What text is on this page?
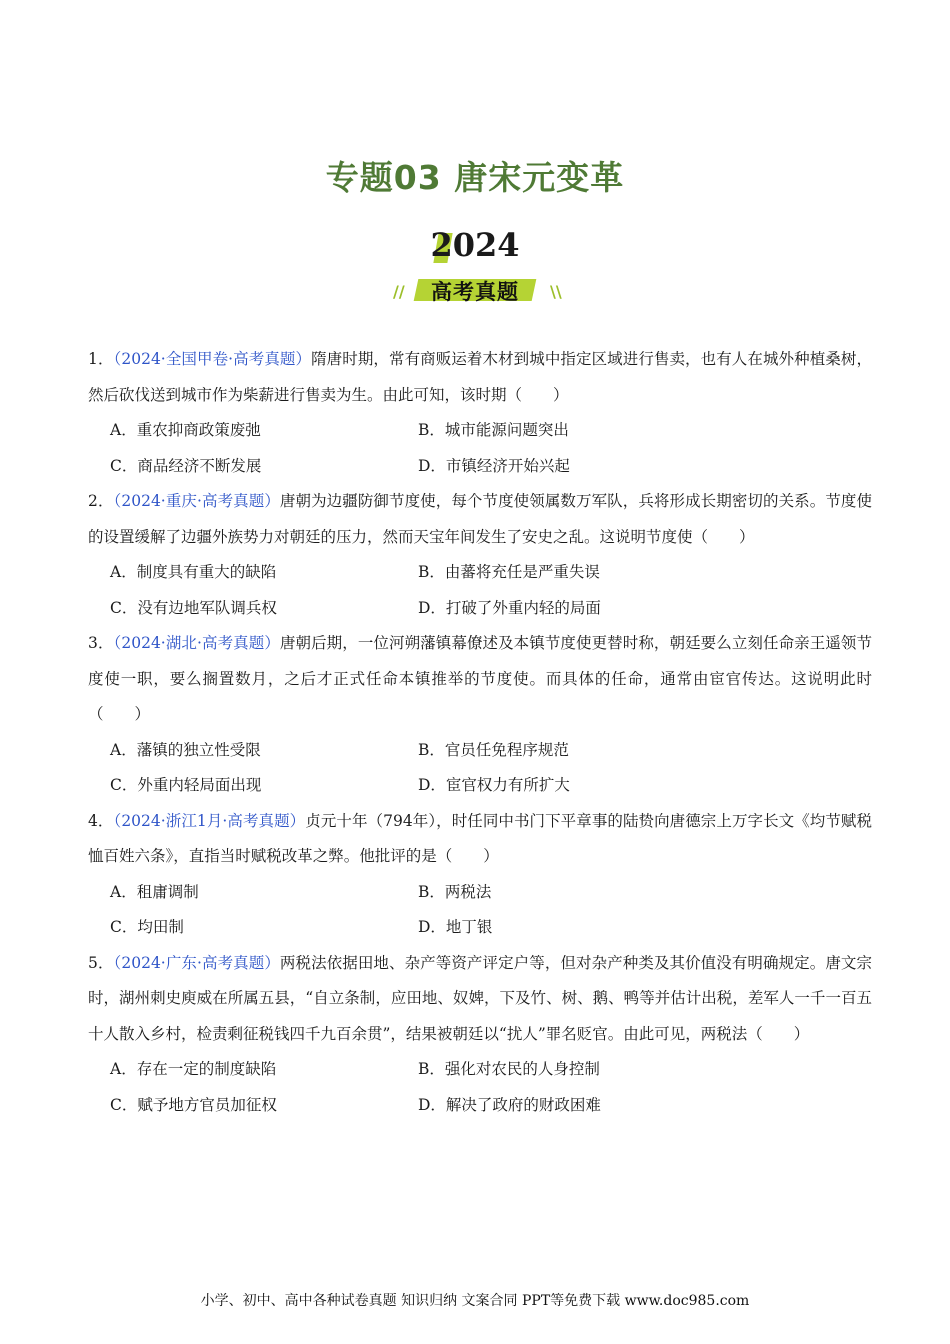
专题03 唐宋元变革
2024
//	高考真题	\\
1．（2024·全国甲卷·高考真题）隋唐时期，常有商贩运着木材到城中指定区域进行售卖，也有人在城外种植桑树，然后砍伐送到城市作为柴薪进行售卖为生。由此可知，该时期（　　）
A．重农抑商政策废弛	B．城市能源问题突出
C．商品经济不断发展	D．市镇经济开始兴起
2．（2024·重庆·高考真题）唐朝为边疆防御节度使，每个节度使领属数万军队，兵将形成长期密切的关系。节度使的设置缓解了边疆外族势力对朝廷的压力，然而天宝年间发生了安史之乱。这说明节度使（　　）
A．制度具有重大的缺陷	B．由蕃将充任是严重失误
C．没有边地军队调兵权	D．打破了外重内轻的局面
3．（2024·湖北·高考真题）唐朝后期，一位河朔藩镇幕僚述及本镇节度使更替时称，朝廷要么立刻任命亲王遥领节度使一职，要么搁置数月，之后才正式任命本镇推举的节度使。而具体的任命，通常由宦官传达。这说明此时（　　）
A．藩镇的独立性受限	B．官员任免程序规范
C．外重内轻局面出现	D．宦官权力有所扩大
4．（2024·浙江1月·高考真题）贞元十年（794年），时任同中书门下平章事的陆贽向唐德宗上万字长文《均节赋税恤百姓六条》，直指当时赋税改革之弊。他批评的是（　　）
A．租庸调制	B．两税法
C．均田制	D．地丁银
5．（2024·广东·高考真题）两税法依据田地、杂产等资产评定户等，但对杂产种类及其价值没有明确规定。唐文宗时，湖州刺史庾威在所属五县，“自立条制，应田地、奴婢，下及竹、树、鹅、鸭等并估计出税，差军人一千一百五十人散入乡村，检责剩征税钱四千九百余贯”，结果被朝廷以“扰人”罪名贬官。由此可见，两税法（　　）
A．存在一定的制度缺陷	B．强化对农民的人身控制
C．赋予地方官员加征权	D．解决了政府的财政困难
小学、初中、高中各种试卷真题 知识归纳 文案合同 PPT等免费下载 www.doc985.com
